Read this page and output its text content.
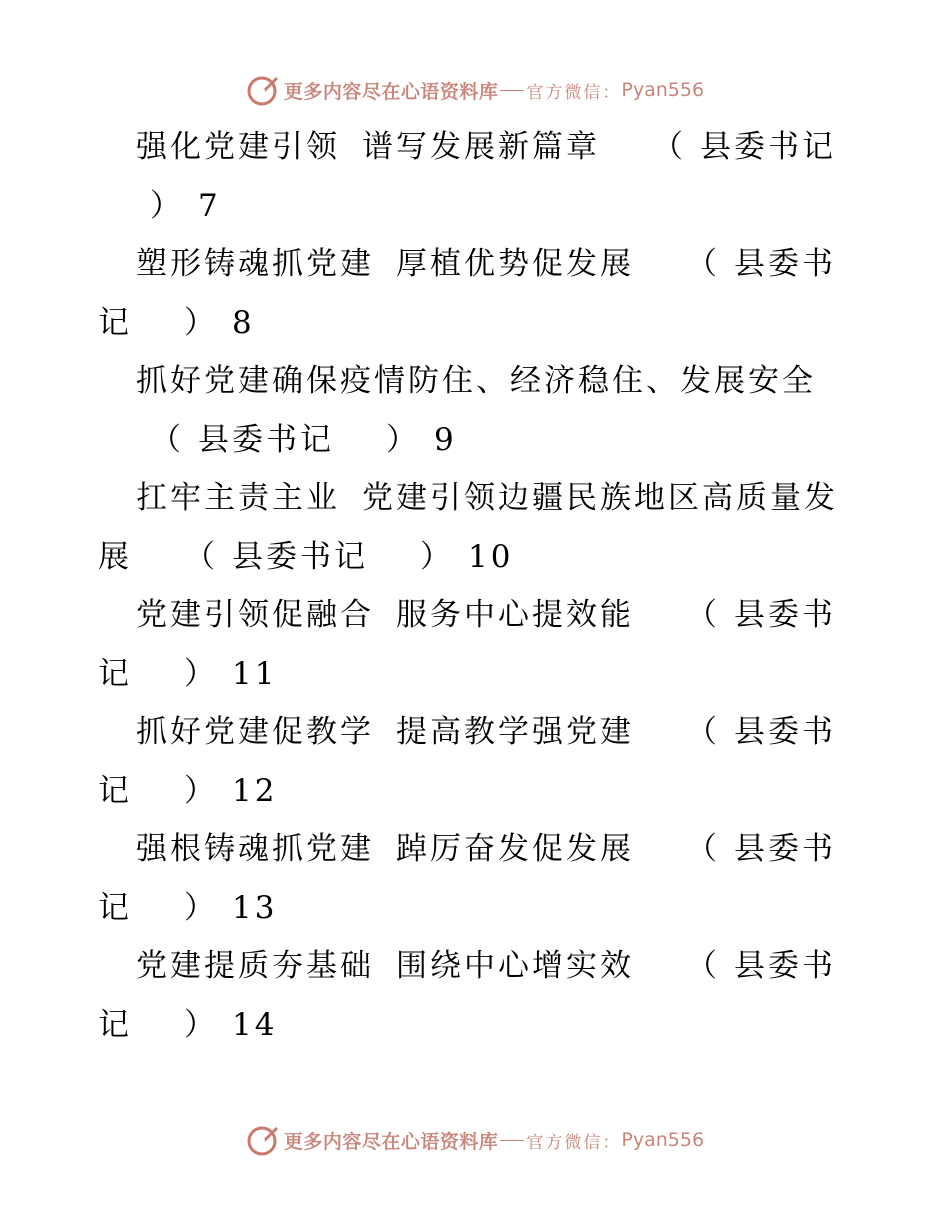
更多内容尽在心语资料库 官方微信： Pyan556

强化党建引领 谱写发展新篇章 （ 县委书记） 7

塑形铸魂抓党建 厚植优势促发展 （ 县委书记 ） 8

抓好党建确保疫情防住、经济稳住、发展安全（ 县委书记 ） 9

扛牢主责主业 党建引领边疆民族地区高质量发展 （ 县委书记 ） 10

党建引领促融合 服务中心提效能 （ 县委书记 ） 11

抓好党建促教学 提高教学强党建 （ 县委书记 ） 12

强根铸魂抓党建 踔厉奋发促发展 （ 县委书记 ） 13

党建提质夯基础 围绕中心增实效 （ 县委书记 ） 14

更多内容尽在心语资料库 官方微信： Pyan556
